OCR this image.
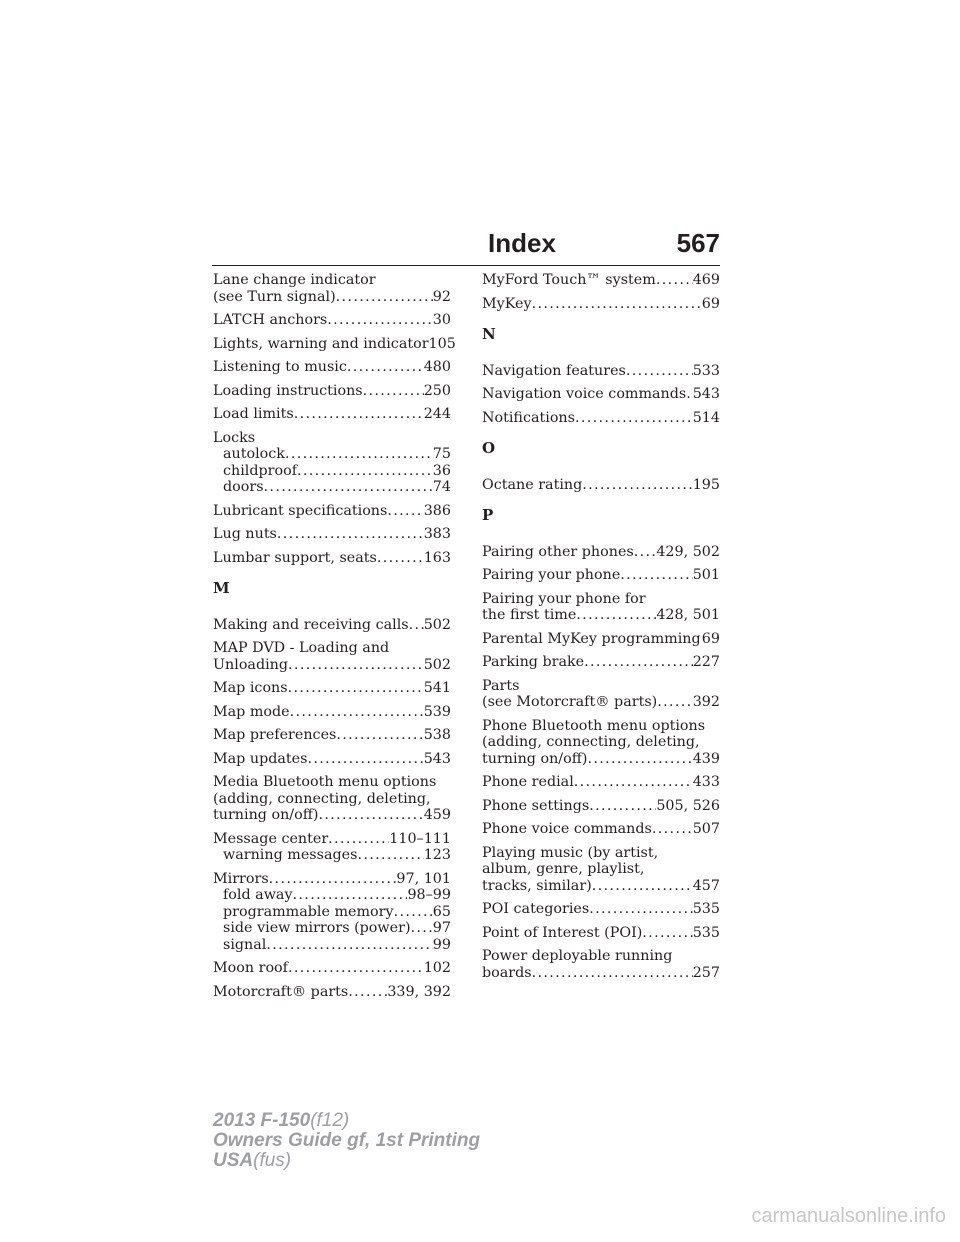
Index	567
Lane change indicator
(see Turn signal) . . .	92
LATCH anchors . . .	30
Lights, warning and indicator 105
Listening to music . . .	480
Loading instructions . . .	250
Load limits . . .	244
Locks
autolock . . .	75
childproof . . .	36
doors . . .	74
Lubricant specifications . . .	386
Lug nuts . . .	383
Lumbar support, seats . . .	163
M
Making and receiving calls . . . 502
MAP DVD - Loading and
Unloading . . .	502
Map icons . . .	541
Map mode . . .	539
Map preferences . . .	538
Map updates . . .	543
Media Bluetooth menu options
(adding, connecting, deleting,
turning on/off) . . .	459
Message center . . .	110–111
warning messages . . .	123
Mirrors . . .	97, 101
fold away . . .	98–99
programmable memory . . .	65
side view mirrors (power) . . . 97
signal . . .	99
Moon roof . . .	102
Motorcraft® parts . . .	339, 392
MyFord Touch™ system . . .	469
MyKey . . .	69
N
Navigation features . . .	533
Navigation voice commands . . . 543
Notifications . . .	514
O
Octane rating . . .	195
P
Pairing other phones . . . 429, 502
Pairing your phone . . .	501
Pairing your phone for
the first time . . .	428, 501
Parental MyKey programming . . . 69
Parking brake . . .	227
Parts
(see Motorcraft® parts) . . . 392
Phone Bluetooth menu options
(adding, connecting, deleting,
turning on/off) . . .	439
Phone redial . . .	433
Phone settings . . .	505, 526
Phone voice commands . . .	507
Playing music (by artist,
album, genre, playlist,
tracks, similar) . . .	457
POI categories . . .	535
Point of Interest (POI) . . .	535
Power deployable running
boards . . .	257
2013 F-150(f12)
Owners Guide gf, 1st Printing
USA(fus)
carmanualsonline.info
